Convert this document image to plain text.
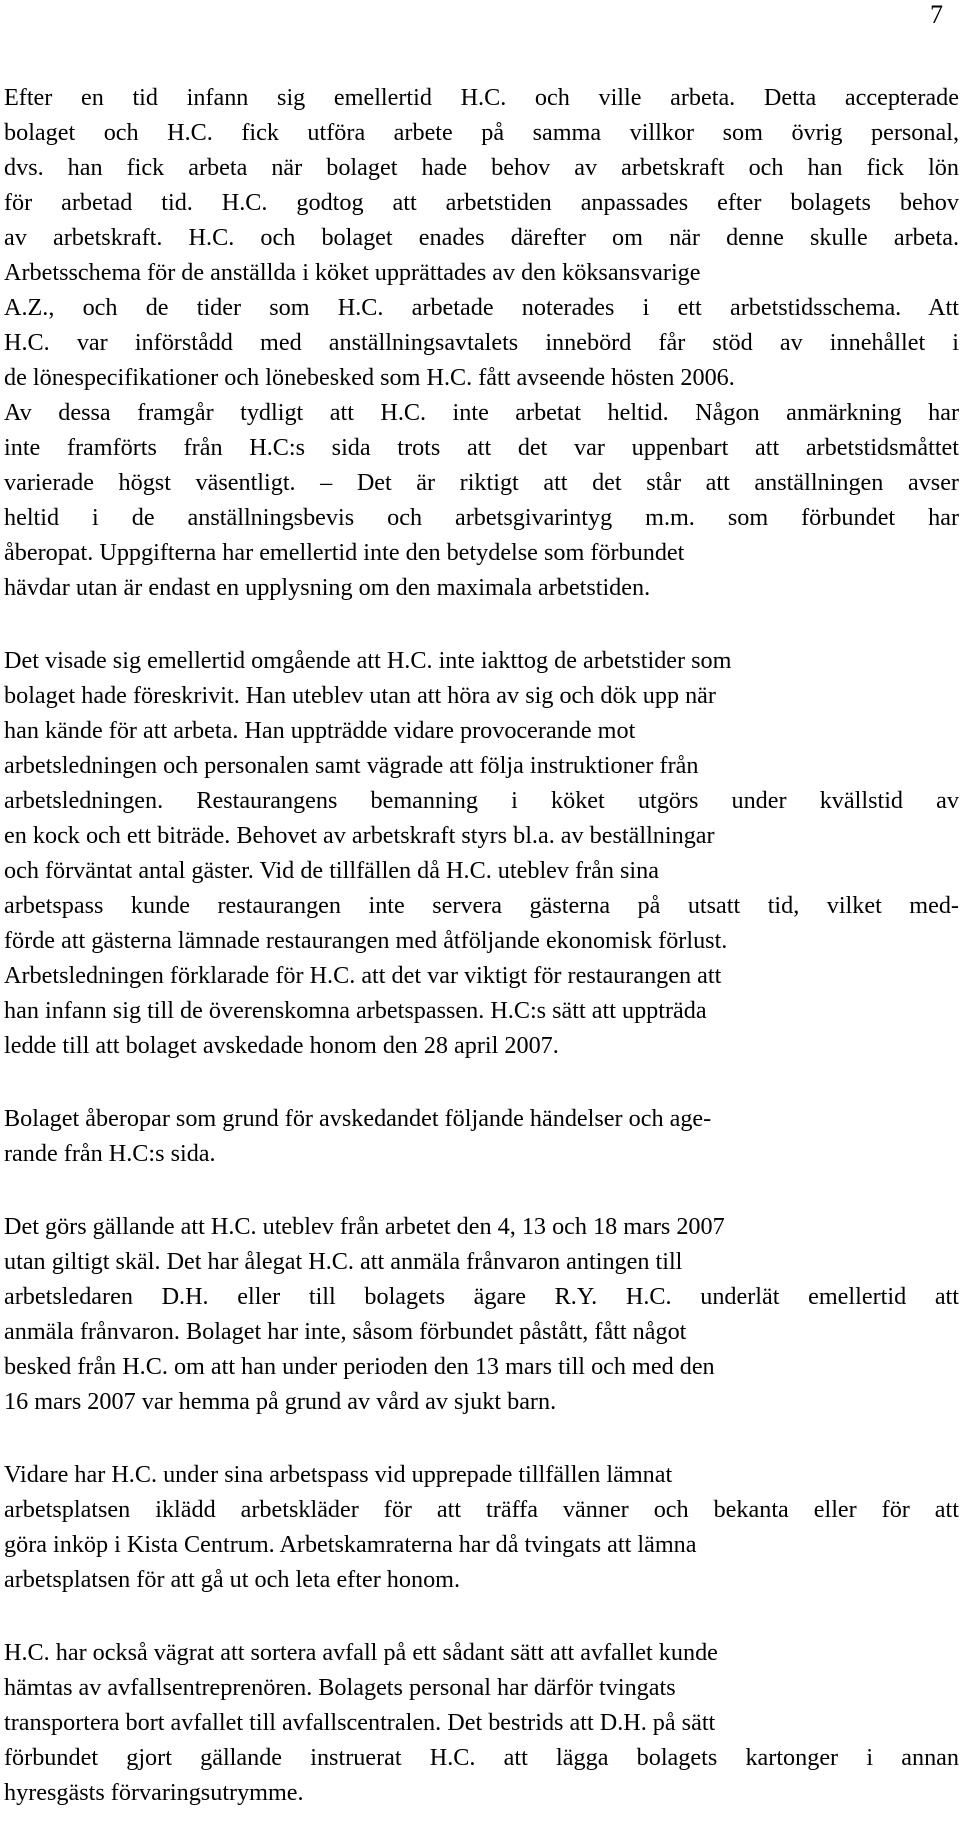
7
Efter en tid infann sig emellertid H.C. och ville arbeta. Detta accepterade
bolaget och H.C. fick utföra arbete på samma villkor som övrig personal,
dvs. han fick arbeta när bolaget hade behov av arbetskraft och han fick lön
för arbetad tid. H.C. godtog att arbetstiden anpassades efter bolagets behov
av arbetskraft. H.C. och bolaget enades därefter om när denne skulle arbeta.
Arbetsschema för de anställda i köket upprättades av den köksansvarige
A.Z., och de tider som H.C. arbetade noterades i ett arbetstidsschema. Att
H.C. var införstådd med anställningsavtalets innebörd får stöd av innehållet i
de lönespecifikationer och lönebesked som H.C. fått avseende hösten 2006.
Av dessa framgår tydligt att H.C. inte arbetat heltid. Någon anmärkning har
inte framförts från H.C:s sida trots att det var uppenbart att arbetstidsmåttet
varierade högst väsentligt. – Det är riktigt att det står att anställningen avser
heltid i de anställningsbevis och arbetsgivarintyg m.m. som förbundet har
åberopat. Uppgifterna har emellertid inte den betydelse som förbundet
hävdar utan är endast en upplysning om den maximala arbetstiden.
Det visade sig emellertid omgående att H.C. inte iakttog de arbetstider som
bolaget hade föreskrivit. Han uteblev utan att höra av sig och dök upp när
han kände för att arbeta. Han uppträdde vidare provocerande mot
arbetsledningen och personalen samt vägrade att följa instruktioner från
arbetsledningen. Restaurangens bemanning i köket utgörs under kvällstid av
en kock och ett biträde. Behovet av arbetskraft styrs bl.a. av beställningar
och förväntat antal gäster. Vid de tillfällen då H.C. uteblev från sina
arbetspass kunde restaurangen inte servera gästerna på utsatt tid, vilket med-
förde att gästerna lämnade restaurangen med åtföljande ekonomisk förlust.
Arbetsledningen förklarade för H.C. att det var viktigt för restaurangen att
han infann sig till de överenskomna arbetspassen. H.C:s sätt att uppträda
ledde till att bolaget avskedade honom den 28 april 2007.
Bolaget åberopar som grund för avskedandet följande händelser och age-
rande från H.C:s sida.
Det görs gällande att H.C. uteblev från arbetet den 4, 13 och 18 mars 2007
utan giltigt skäl. Det har ålegat H.C. att anmäla frånvaron antingen till
arbetsledaren D.H. eller till bolagets ägare R.Y. H.C. underlät emellertid att
anmäla frånvaron. Bolaget har inte, såsom förbundet påstått, fått något
besked från H.C. om att han under perioden den 13 mars till och med den
16 mars 2007 var hemma på grund av vård av sjukt barn.
Vidare har H.C. under sina arbetspass vid upprepade tillfällen lämnat
arbetsplatsen iklädd arbetskläder för att träffa vänner och bekanta eller för att
göra inköp i Kista Centrum. Arbetskamraterna har då tvingats att lämna
arbetsplatsen för att gå ut och leta efter honom.
H.C. har också vägrat att sortera avfall på ett sådant sätt att avfallet kunde
hämtas av avfallsentreprenören. Bolagets personal har därför tvingats
transportera bort avfallet till avfallscentralen. Det bestrids att D.H. på sätt
förbundet gjort gällande instruerat H.C. att lägga bolagets kartonger i annan
hyresgästs förvaringsutrymme.
